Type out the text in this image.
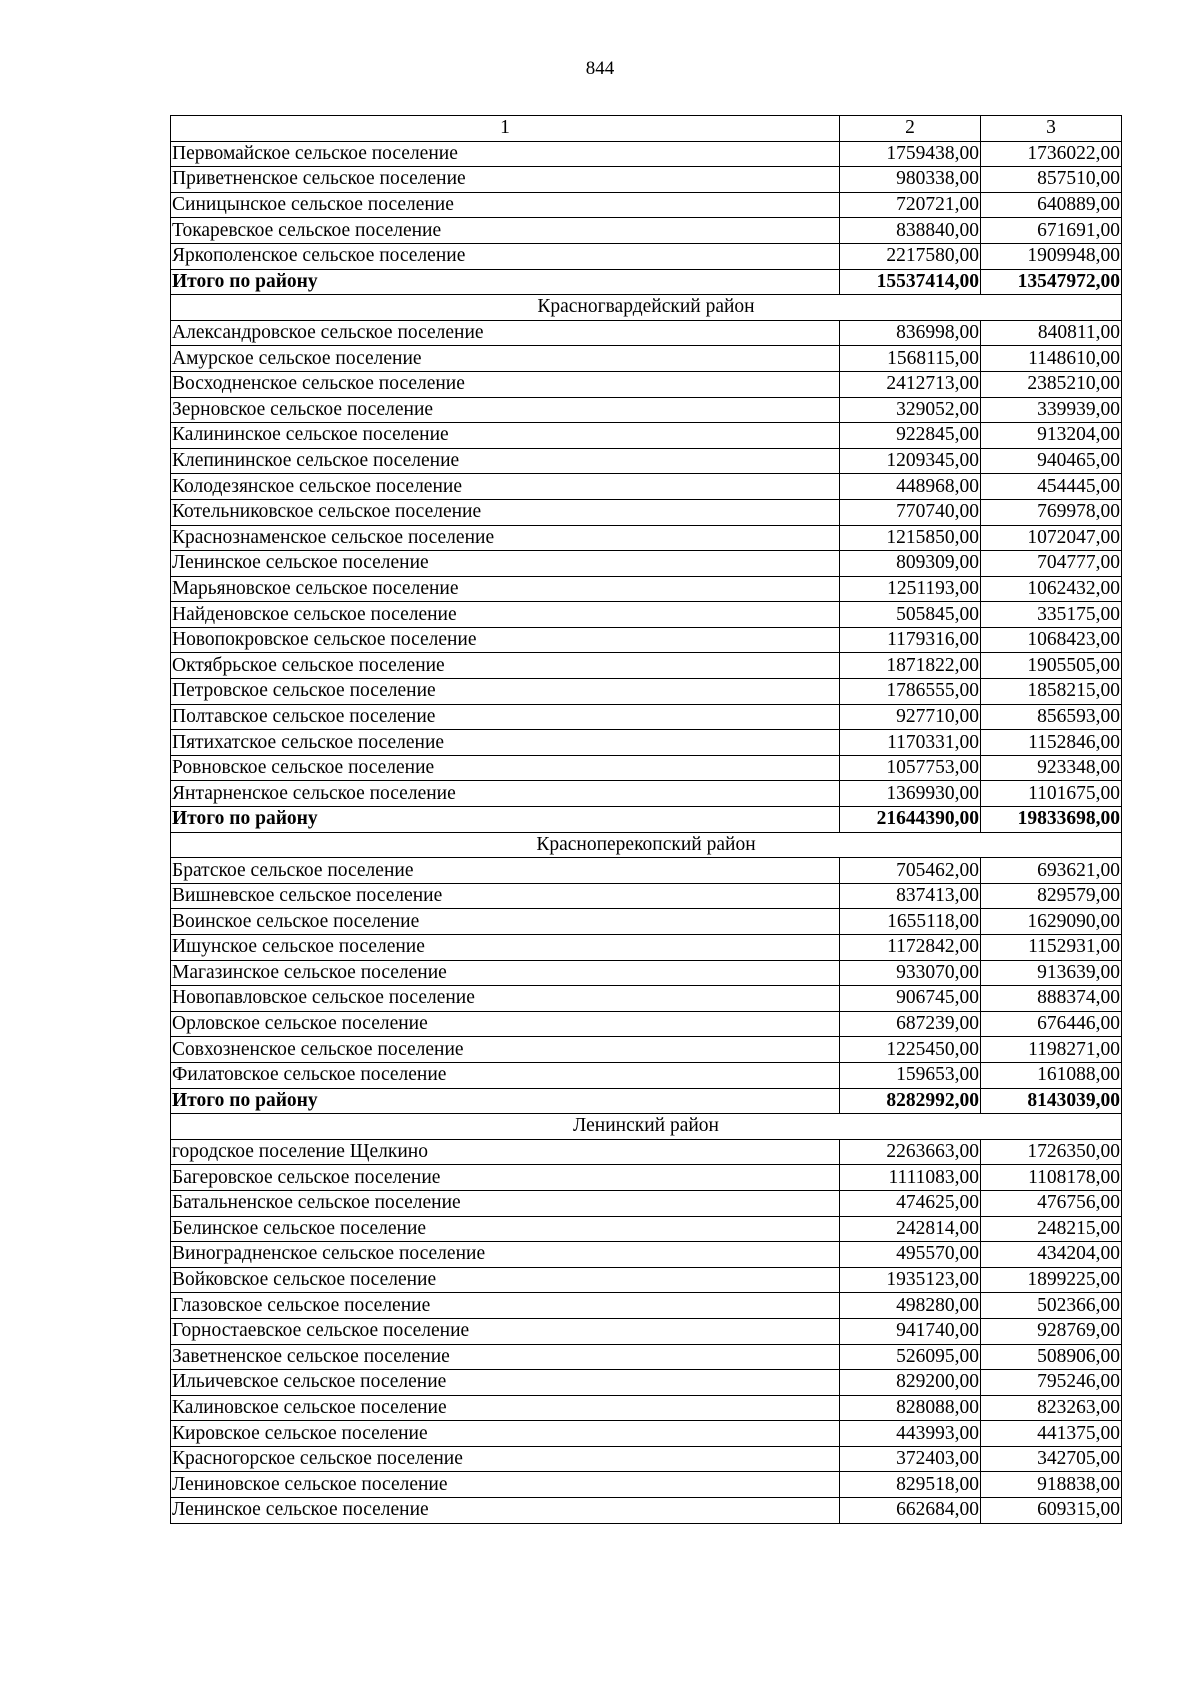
844
1	2	3
Первомайское сельское поселение	1759438,00	1736022,00
Приветненское сельское поселение	980338,00	857510,00
Синицынское сельское поселение	720721,00	640889,00
Токаревское сельское поселение	838840,00	671691,00
Яркополенское сельское поселение	2217580,00	1909948,00
Итого по району	15537414,00	13547972,00
Красногвардейский район		
Александровское сельское поселение	836998,00	840811,00
Амурское сельское поселение	1568115,00	1148610,00
Восходненское сельское поселение	2412713,00	2385210,00
Зерновское сельское поселение	329052,00	339939,00
Калининское сельское поселение	922845,00	913204,00
Клепининское сельское поселение	1209345,00	940465,00
Колодезянское сельское поселение	448968,00	454445,00
Котельниковское сельское поселение	770740,00	769978,00
Краснознаменское сельское поселение	1215850,00	1072047,00
Ленинское сельское поселение	809309,00	704777,00
Марьяновское сельское поселение	1251193,00	1062432,00
Найденовское сельское поселение	505845,00	335175,00
Новопокровское сельское поселение	1179316,00	1068423,00
Октябрьское сельское поселение	1871822,00	1905505,00
Петровское сельское поселение	1786555,00	1858215,00
Полтавское сельское поселение	927710,00	856593,00
Пятихатское сельское поселение	1170331,00	1152846,00
Ровновское сельское поселение	1057753,00	923348,00
Янтарненское сельское поселение	1369930,00	1101675,00
Итого по району	21644390,00	19833698,00
Красноперекопский район		
Братское сельское поселение	705462,00	693621,00
Вишневское сельское поселение	837413,00	829579,00
Воинское сельское поселение	1655118,00	1629090,00
Ишунское сельское поселение	1172842,00	1152931,00
Магазинское сельское поселение	933070,00	913639,00
Новопавловское сельское поселение	906745,00	888374,00
Орловское сельское поселение	687239,00	676446,00
Совхозненское сельское поселение	1225450,00	1198271,00
Филатовское сельское поселение	159653,00	161088,00
Итого по району	8282992,00	8143039,00
Ленинский район		
городское поселение Щелкино	2263663,00	1726350,00
Багеровское сельское поселение	1111083,00	1108178,00
Батальненское сельское поселение	474625,00	476756,00
Белинское сельское поселение	242814,00	248215,00
Виноградненское сельское поселение	495570,00	434204,00
Войковское сельское поселение	1935123,00	1899225,00
Глазовское сельское поселение	498280,00	502366,00
Горностаевское сельское поселение	941740,00	928769,00
Заветненское сельское поселение	526095,00	508906,00
Ильичевское сельское поселение	829200,00	795246,00
Калиновское сельское поселение	828088,00	823263,00
Кировское сельское поселение	443993,00	441375,00
Красногорское сельское поселение	372403,00	342705,00
Лениновское сельское поселение	829518,00	918838,00
Ленинское сельское поселение	662684,00	609315,00
